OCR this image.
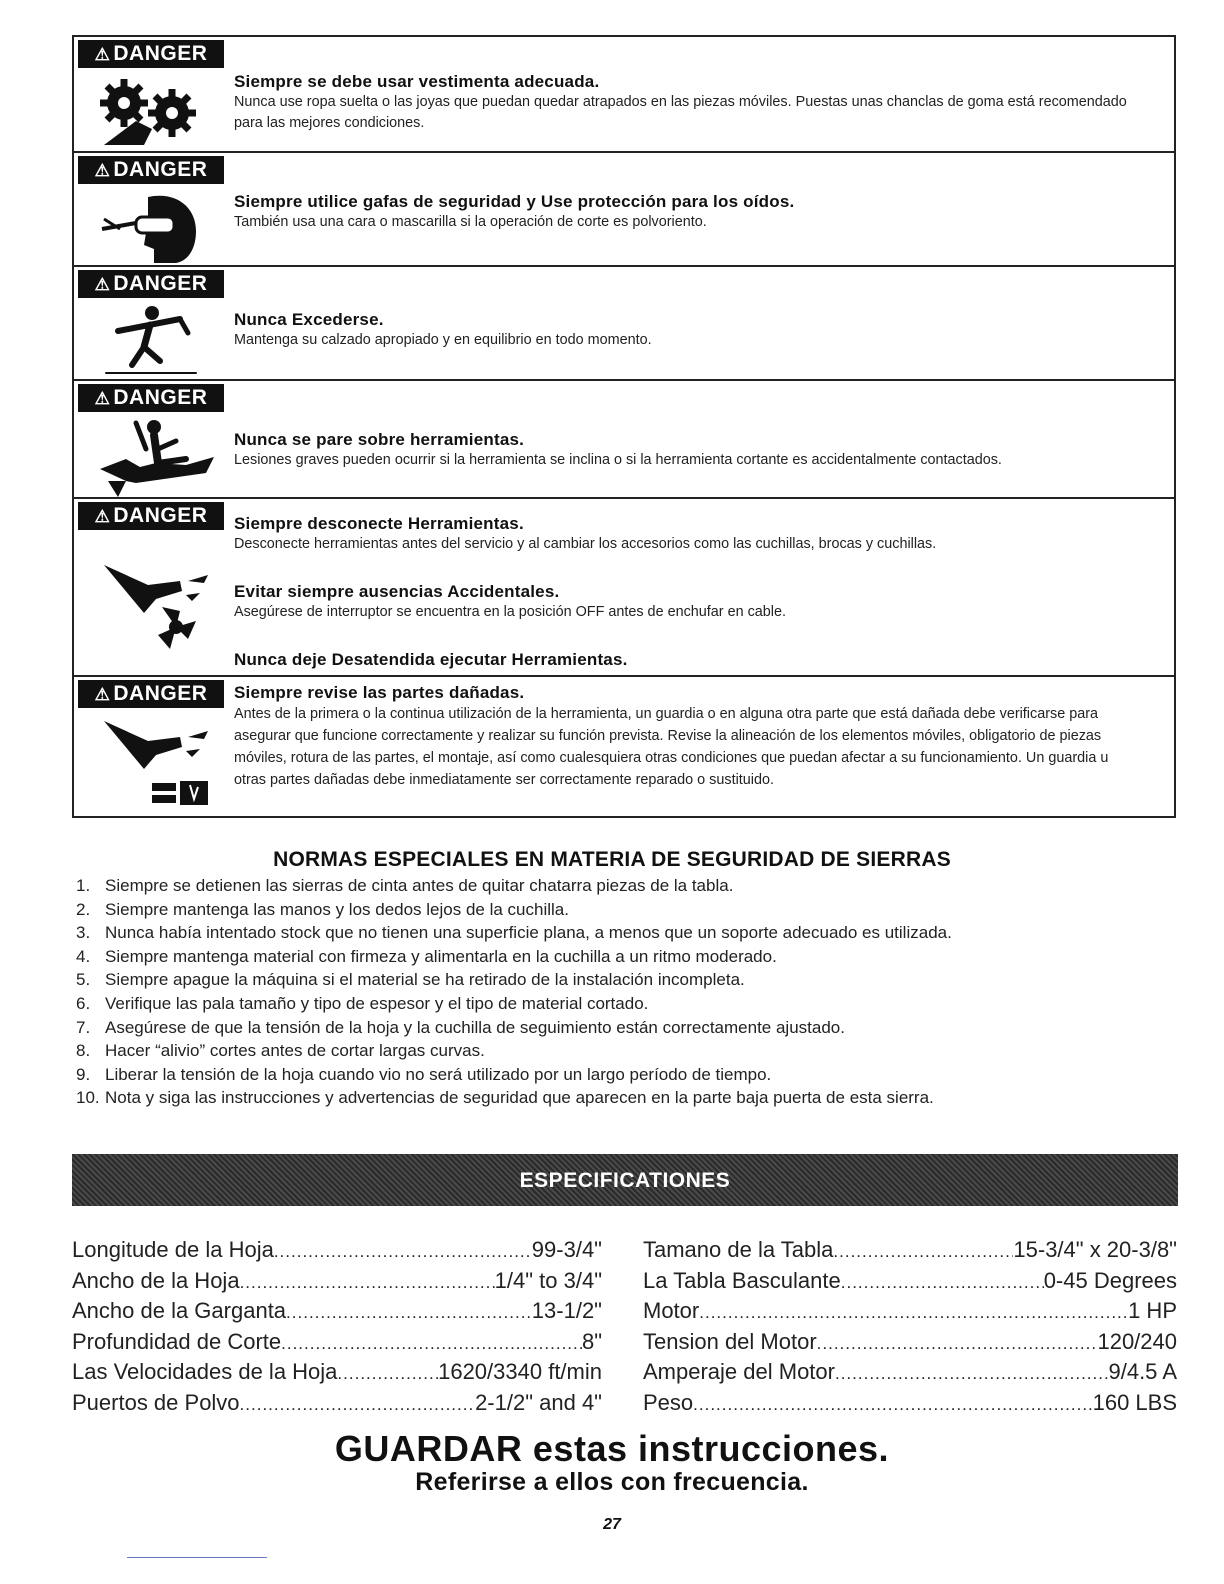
⚠ DANGER

Siempre se debe usar vestimenta adecuada.

Nunca use ropa suelta o las joyas que puedan quedar atrapados en las piezas móviles. Puestas unas chanclas de goma está recomendado para las mejores condiciones.

⚠ DANGER

Siempre utilice gafas de seguridad y Use protección para los oídos.

También usa una cara o mascarilla si la operación de corte es polvoriento.

⚠ DANGER

Nunca Excederse.

Mantenga su calzado apropiado y en equilibrio en todo momento.

⚠ DANGER

Nunca se pare sobre herramientas.

Lesiones graves pueden ocurrir si la herramienta se inclina o si la herramienta cortante es accidentalmente contactados.

⚠ DANGER	Siempre desconecte Herramientas.

Desconecte herramientas antes del servicio y al cambiar los accesorios como las cuchillas, brocas y cuchillas.

Evitar siempre ausencias Accidentales.

Asegúrese de interruptor se encuentra en la posición OFF antes de enchufar en cable.

Nunca deje Desatendida ejecutar Herramientas.

⚠ DANGER	Siempre revise las partes dañadas.

Antes de la primera o la continua utilización de la herramienta, un guardia o en alguna otra parte que está dañada debe verificarse para asegurar que funcione correctamente y realizar su función prevista. Revise la alineación de los elementos móviles, obligatorio de piezas móviles, rotura de las partes, el montaje, así como cualesquiera otras condiciones que puedan afectar a su funcionamiento. Un guardia u otras partes dañadas debe inmediatamente ser correctamente reparado o sustituido.

NORMAS ESPECIALES EN MATERIA DE SEGURIDAD DE SIERRAS
1. Siempre se detienen las sierras de cinta antes de quitar chatarra piezas de la tabla.
2. Siempre mantenga las manos y los dedos lejos de la cuchilla.
3. Nunca había intentado stock que no tienen una superficie plana, a menos que un soporte adecuado es utilizada.
4. Siempre mantenga material con firmeza y alimentarla en la cuchilla a un ritmo moderado.
5. Siempre apague la máquina si el material se ha retirado de la instalación incompleta.
6. Verifique las pala tamaño y tipo de espesor y el tipo de material cortado.
7. Asegúrese de que la tensión de la hoja y la cuchilla de seguimiento están correctamente ajustado.
8. Hacer “alivio” cortes antes de cortar largas curvas.
9. Liberar la tensión de la hoja cuando vio no será utilizado por un largo período de tiempo.
10. Nota y siga las instrucciones y advertencias de seguridad que aparecen en la parte baja puerta de esta sierra.
ESPECIFICATIONES
Longitude de la Hoja .....	99-3/4"
Ancho de la Hoja .....	1/4" to 3/4"
Ancho de la Garganta .....	13-1/2"
Profundidad de Corte .....	8"
Las Velocidades de la Hoja .....	1620/3340 ft/min
Puertos de Polvo .....	2-1/2" and 4"
Tamano de la Tabla .....	15-3/4" x 20-3/8"
La Tabla Basculante .....	0-45 Degrees
Motor .....	1 HP
Tension del Motor .....	120/240
Amperaje del Motor .....	9/4.5 A
Peso .....	160 LBS
GUARDAR estas instrucciones.
Referirse a ellos con frecuencia.
27
